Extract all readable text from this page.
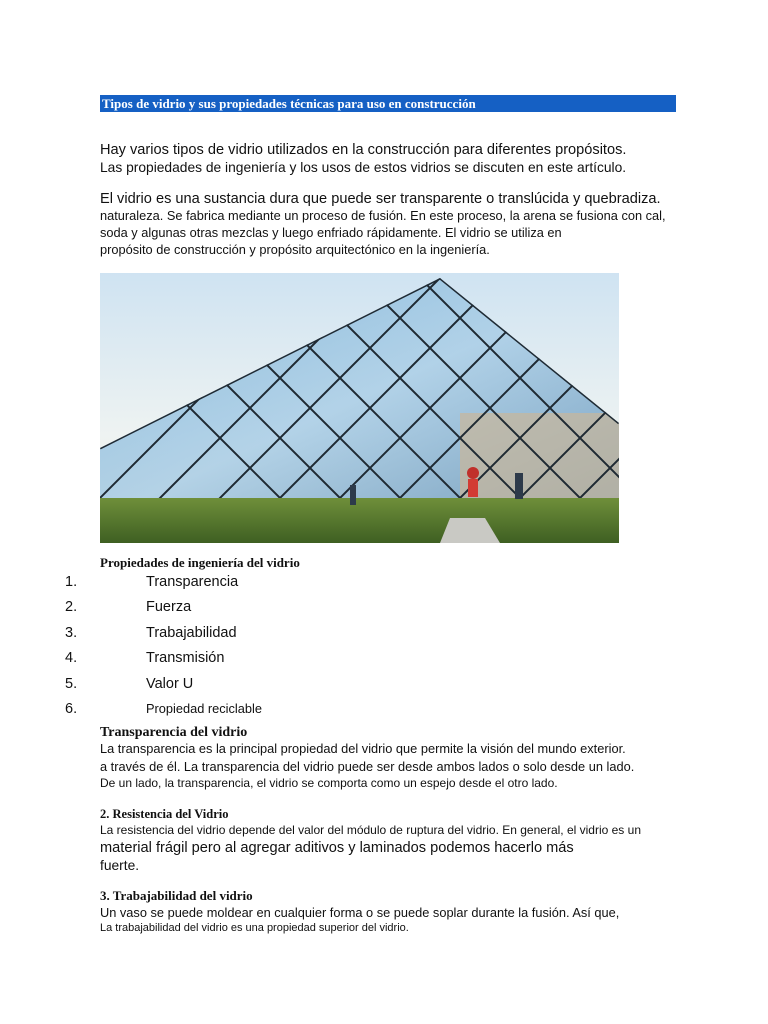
Tipos de vidrio y sus propiedades técnicas para uso en construcción
Hay varios tipos de vidrio utilizados en la construcción para diferentes propósitos.
Las propiedades de ingeniería y los usos de estos vidrios se discuten en este artículo.
El vidrio es una sustancia dura que puede ser transparente o translúcida y quebradiza.
naturaleza. Se fabrica mediante un proceso de fusión. En este proceso, la arena se fusiona con cal,
soda y algunas otras mezclas y luego enfriado rápidamente. El vidrio se utiliza en
propósito de construcción y propósito arquitectónico en la ingeniería.
Propiedades de ingeniería del vidrio
1.	Transparencia
2.	Fuerza
3.	Trabajabilidad
4.	Transmisión
5.	Valor U
6.	Propiedad reciclable
Transparencia del vidrio
La transparencia es la principal propiedad del vidrio que permite la visión del mundo exterior.
a través de él. La transparencia del vidrio puede ser desde ambos lados o solo desde un lado.
De un lado, la transparencia, el vidrio se comporta como un espejo desde el otro lado.
2. Resistencia del Vidrio
La resistencia del vidrio depende del valor del módulo de ruptura del vidrio. En general, el vidrio es un
material frágil pero al agregar aditivos y laminados podemos hacerlo más
fuerte.
3. Trabajabilidad del vidrio
Un vaso se puede moldear en cualquier forma o se puede soplar durante la fusión. Así que,
La trabajabilidad del vidrio es una propiedad superior del vidrio.
